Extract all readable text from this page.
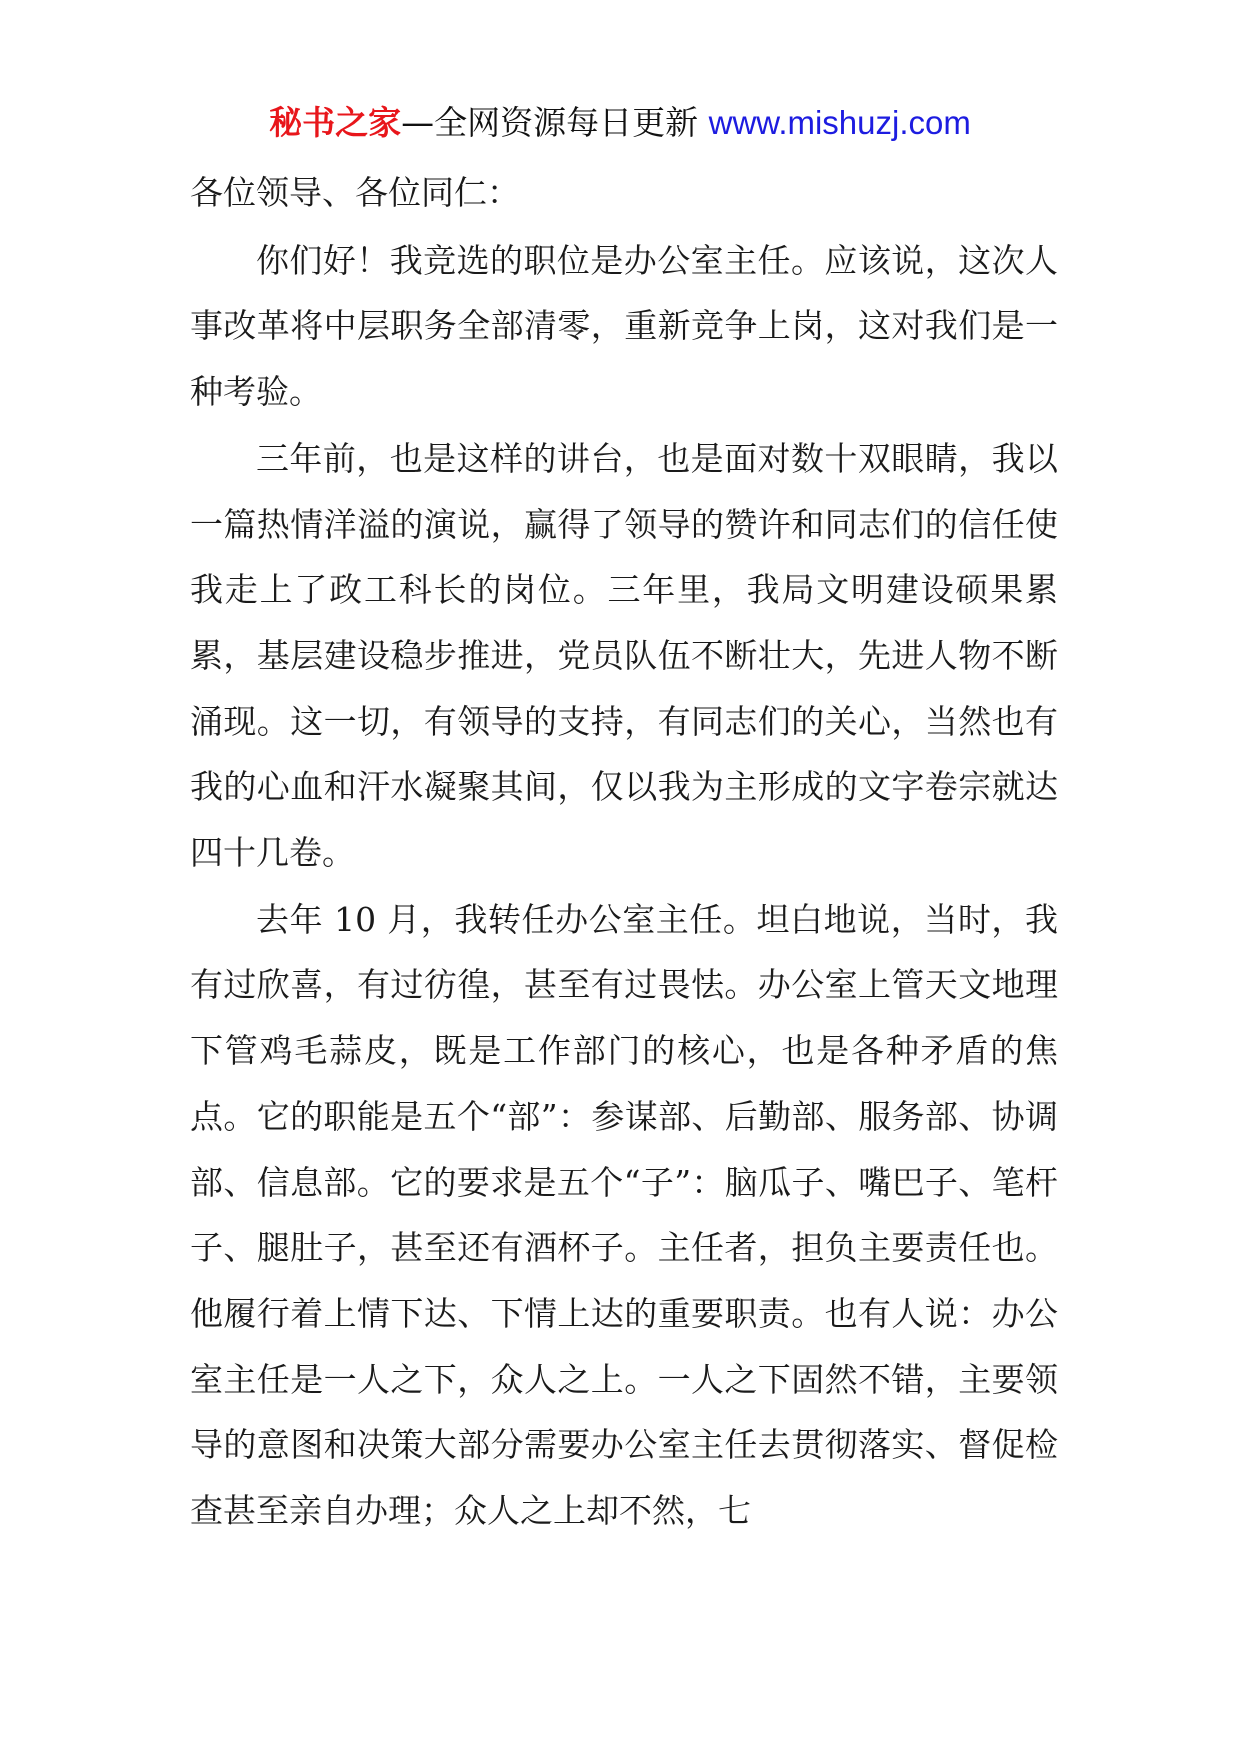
秘书之家—全网资源每日更新 www.mishuzj.com

各位领导、各位同仁：

你们好！我竞选的职位是办公室主任。应该说，这次人事改革将中层职务全部清零，重新竞争上岗，这对我们是一种考验。

三年前，也是这样的讲台，也是面对数十双眼睛，我以一篇热情洋溢的演说，赢得了领导的赞许和同志们的信任使我走上了政工科长的岗位。三年里，我局文明建设硕果累累，基层建设稳步推进，党员队伍不断壮大，先进人物不断涌现。这一切，有领导的支持，有同志们的关心，当然也有我的心血和汗水凝聚其间，仅以我为主形成的文字卷宗就达四十几卷。

去年 10 月，我转任办公室主任。坦白地说，当时，我有过欣喜，有过彷徨，甚至有过畏怯。办公室上管天文地理下管鸡毛蒜皮，既是工作部门的核心，也是各种矛盾的焦点。它的职能是五个“部”：参谋部、后勤部、服务部、协调部、信息部。它的要求是五个“子”：脑瓜子、嘴巴子、笔杆子、腿肚子，甚至还有酒杯子。主任者，担负主要责任也。他履行着上情下达、下情上达的重要职责。也有人说：办公室主任是一人之下，众人之上。一人之下固然不错，主要领导的意图和决策大部分需要办公室主任去贯彻落实、督促检查甚至亲自办理；众人之上却不然，七
